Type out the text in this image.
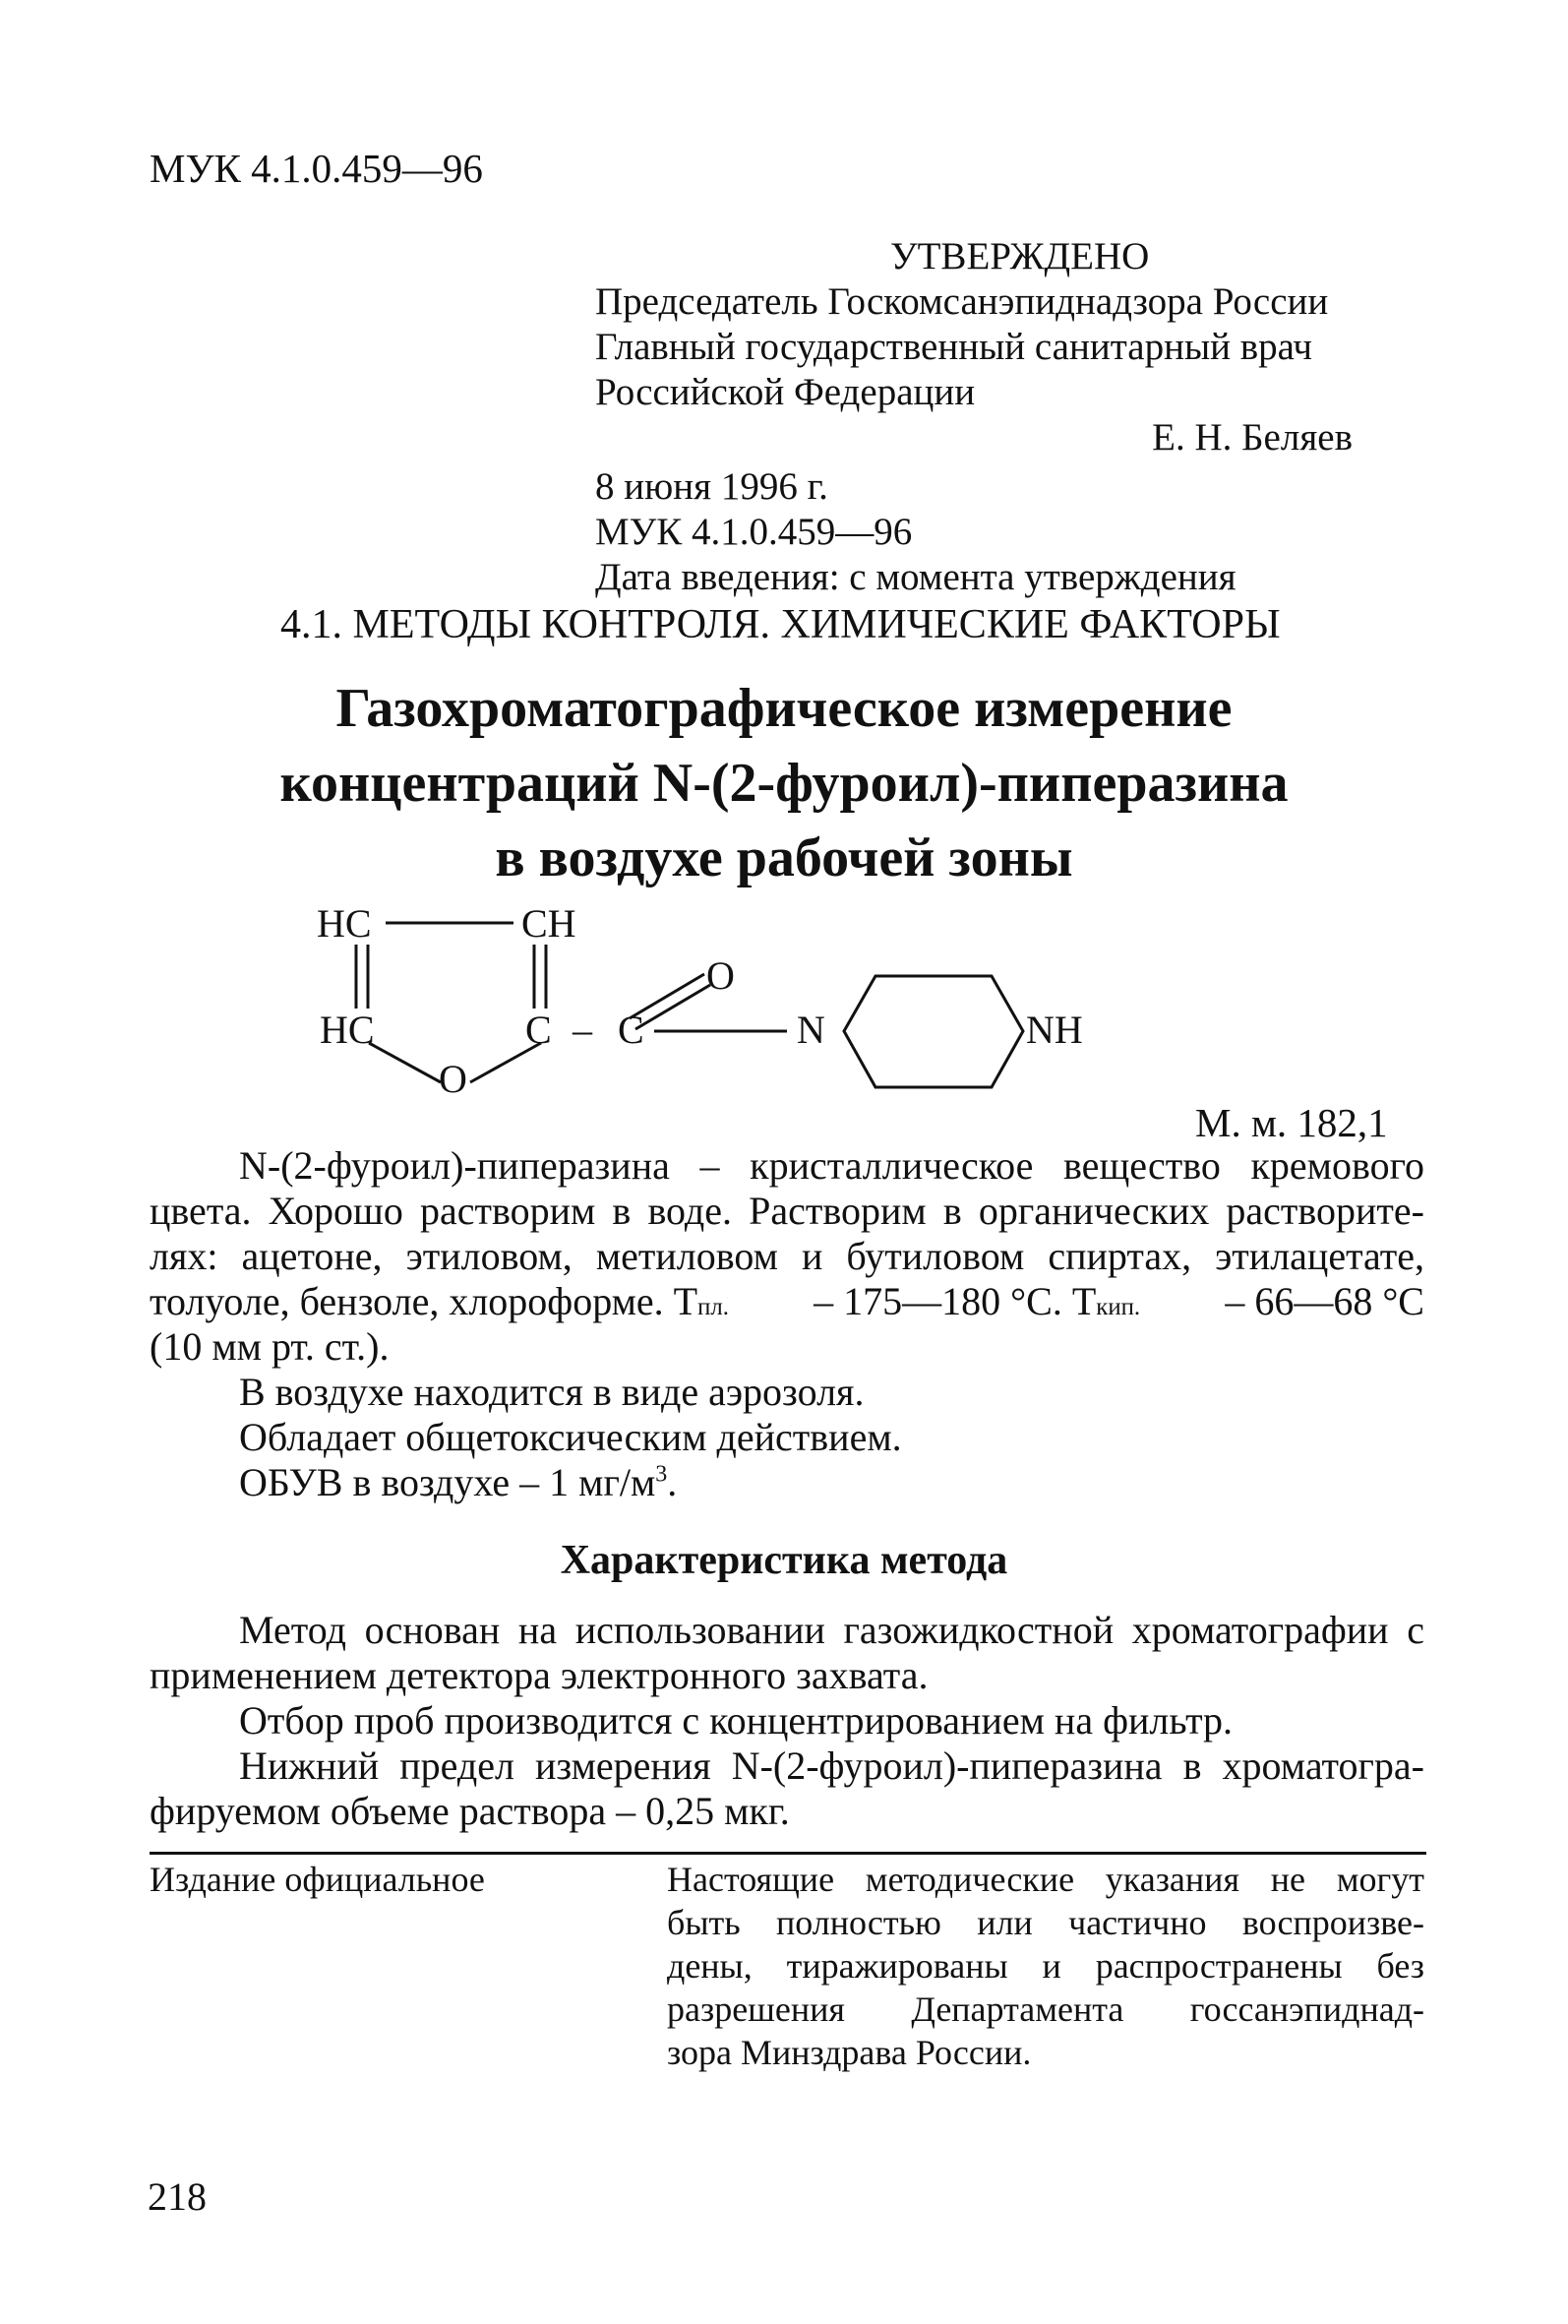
МУК 4.1.0.459—96
УТВЕРЖДЕНО
Председатель Госкомсанэпиднадзора России
Главный государственный санитарный врач
Российской Федерации
Е. Н. Беляев
8 июня 1996 г.
МУК 4.1.0.459—96
Дата введения: с момента утверждения
4.1. МЕТОДЫ КОНТРОЛЯ. ХИМИЧЕСКИЕ ФАКТОРЫ
Газохроматографическое измерение
концентраций N-(2-фуроил)-пиперазина
в воздухе рабочей зоны
HC	CH
HC	C – C
O
O
N	NH
М. м. 182,1
N-(2-фуроил)-пиперазина – кристаллическое вещество кремового
цвета. Хорошо растворим в воде. Растворим в органических растворите-
лях: ацетоне, этиловом, метиловом и бутиловом спиртах, этилацетате,
толуоле, бензоле, хлороформе. Тпл. – 175—180 °С. Ткип. – 66—68 °С
(10 мм рт. ст.).
В воздухе находится в виде аэрозоля.
Обладает общетоксическим действием.
ОБУВ в воздухе – 1 $мг/м^3$.
Характеристика метода
Метод основан на использовании газожидкостной хроматографии с
применением детектора электронного захвата.
Отбор проб производится с концентрированием на фильтр.
Нижний предел измерения N-(2-фуроил)-пиперазина в хроматогра-
фируемом объеме раствора – 0,25 мкг.
Издание официальное	Настоящие методические указания не могут
быть полностью или частично воспроизве-
дены, тиражированы и распространены без
разрешения Департамента госсанэпиднад-
зора Минздрава России.
218
